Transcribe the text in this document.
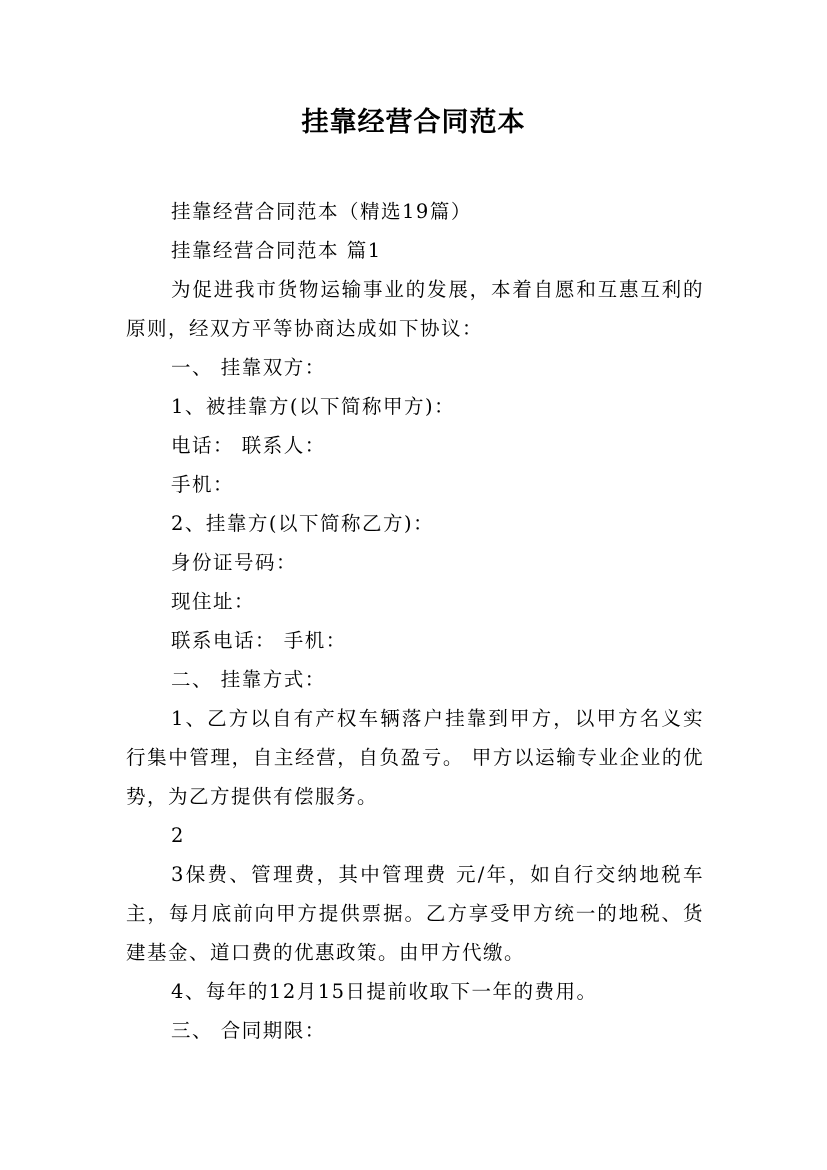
挂靠经营合同范本

挂靠经营合同范本（精选19篇）

挂靠经营合同范本 篇1

为促进我市货物运输事业的发展，本着自愿和互惠互利的原则，经双方平等协商达成如下协议：

一、 挂靠双方：

1、被挂靠方(以下简称甲方)：

电话： 联系人：

手机：

2、挂靠方(以下简称乙方)：

身份证号码：

现住址：

联系电话： 手机：

二、 挂靠方式：

1、乙方以自有产权车辆落户挂靠到甲方，以甲方名义实行集中管理，自主经营，自负盈亏。 甲方以运输专业企业的优势，为乙方提供有偿服务。

2

3保费、管理费，其中管理费 元/年，如自行交纳地税车主，每月底前向甲方提供票据。乙方享受甲方统一的地税、货建基金、道口费的优惠政策。由甲方代缴。

4、每年的12月15日提前收取下一年的费用。

三、 合同期限：
